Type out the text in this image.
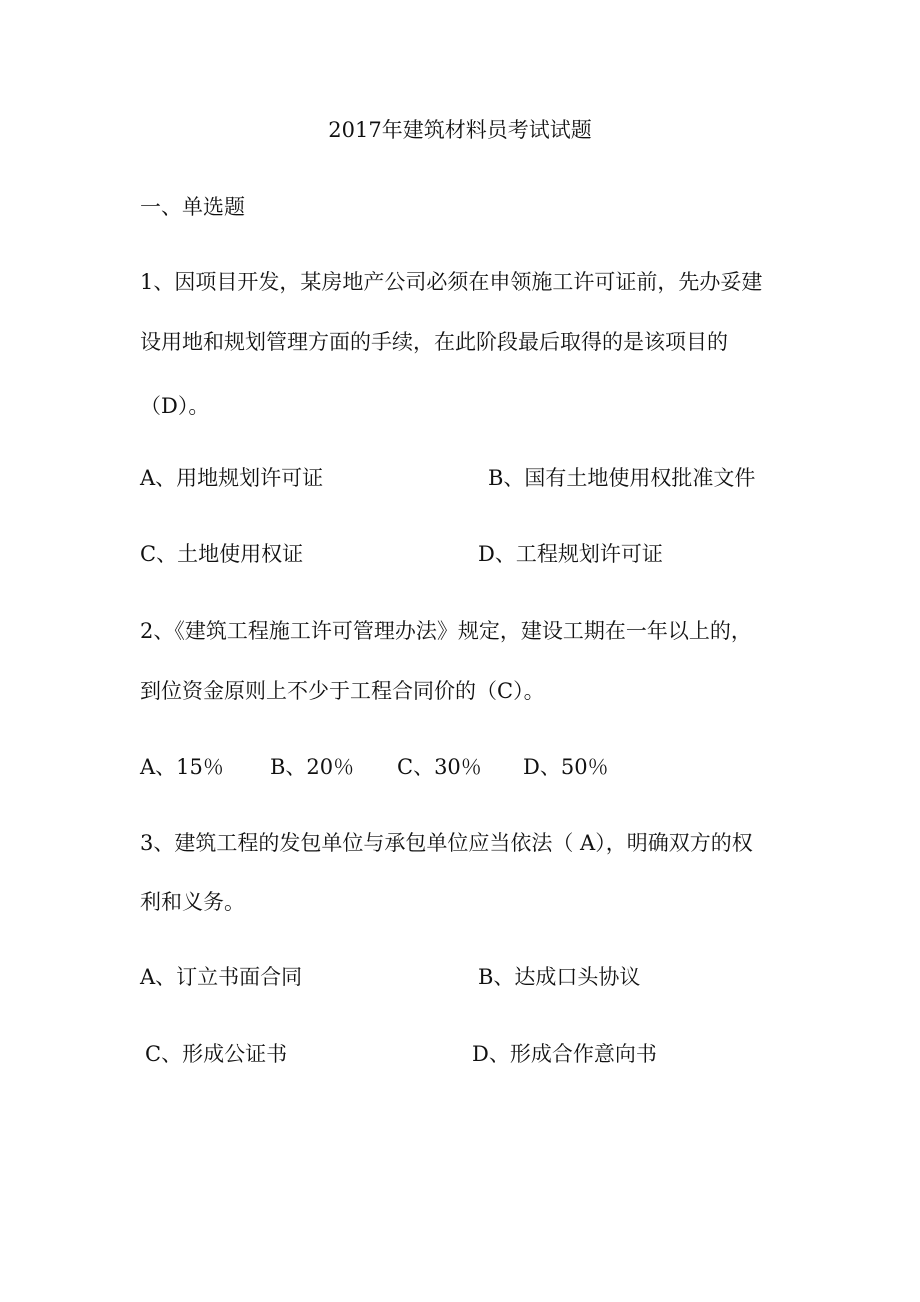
2017年建筑材料员考试试题
一、单选题
1、因项目开发，某房地产公司必须在申领施工许可证前，先办妥建
设用地和规划管理方面的手续，在此阶段最后取得的是该项目的
（D）。
A、用地规划许可证	B、国有土地使用权批准文件
C、土地使用权证	D、工程规划许可证
2、《建筑工程施工许可管理办法》规定，建设工期在一年以上的，
到位资金原则上不少于工程合同价的（C）。
A、15％ B、20％ C、30％ D、50％
3、建筑工程的发包单位与承包单位应当依法（ A），明确双方的权
利和义务。
A、订立书面合同	B、达成口头协议
C、形成公证书	D、形成合作意向书
